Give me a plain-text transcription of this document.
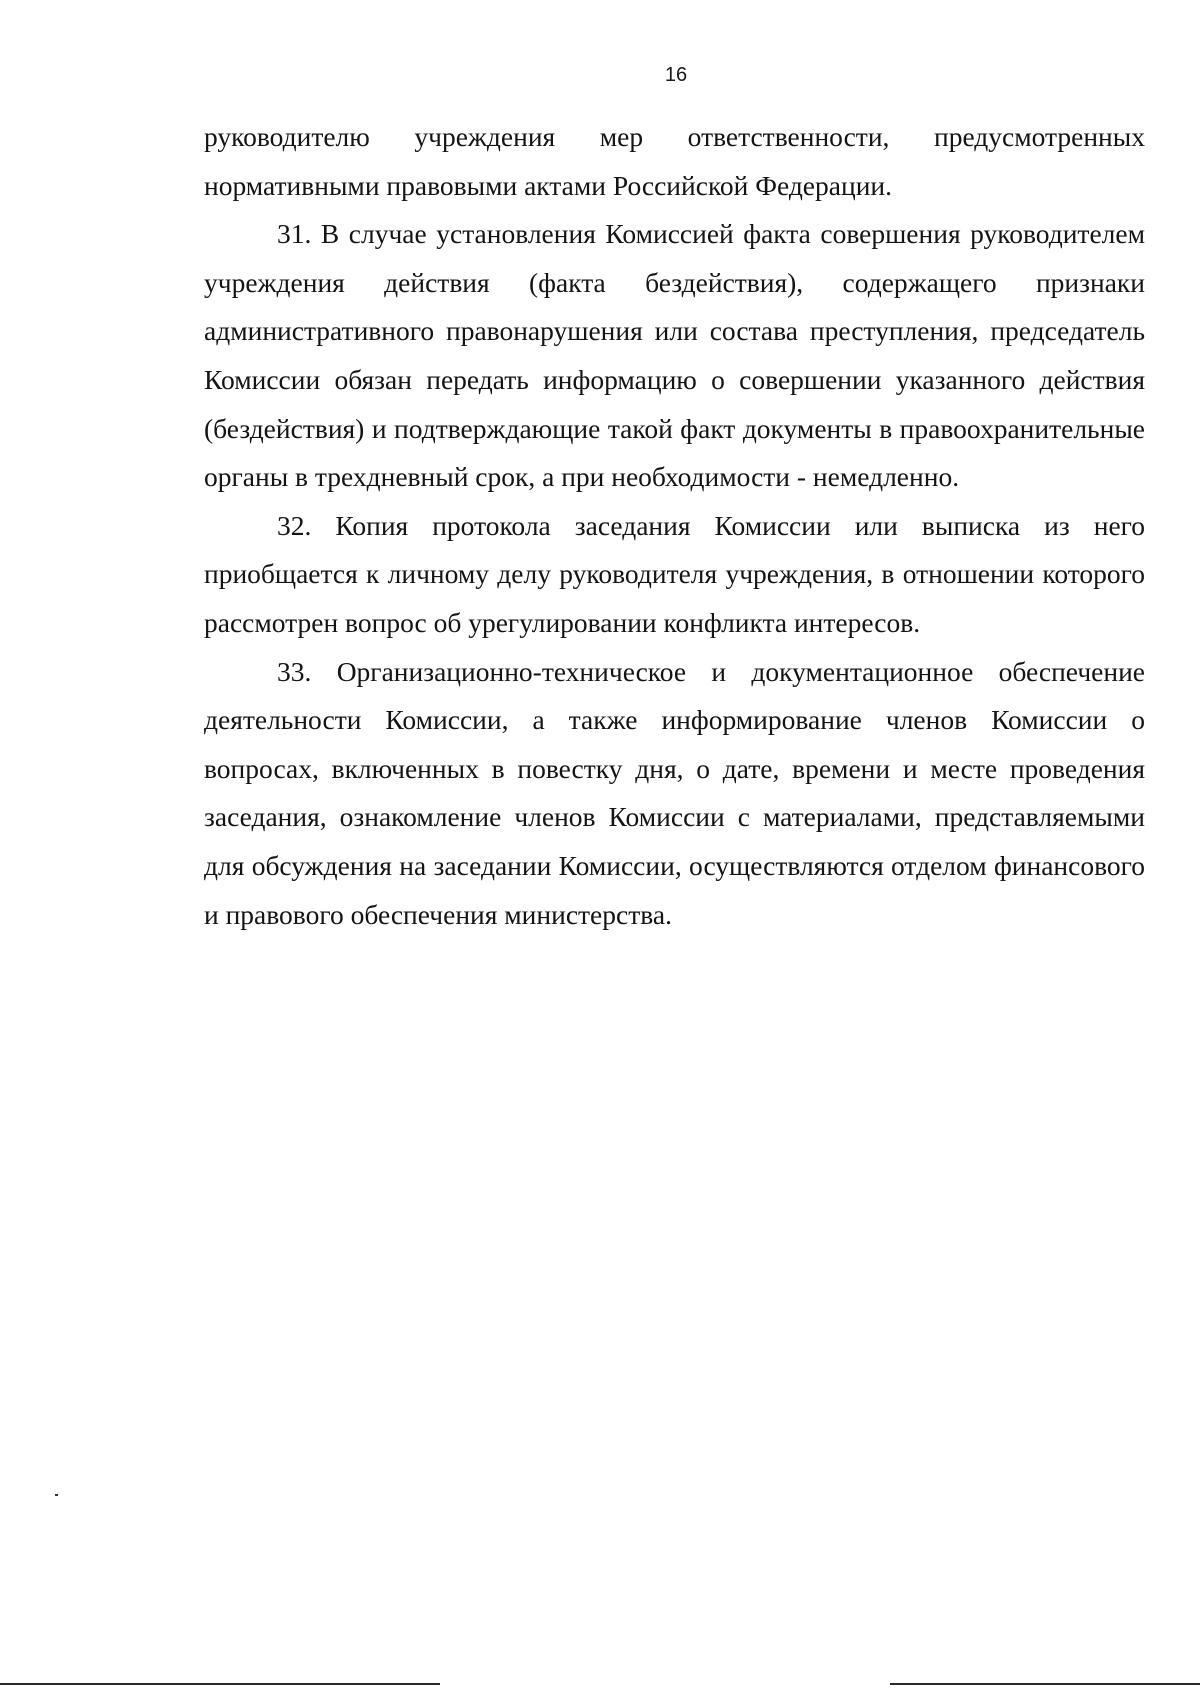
16

руководителю учреждения мер ответственности, предусмотренных нормативными правовыми актами Российской Федерации.

31. В случае установления Комиссией факта совершения руководителем учреждения действия (факта бездействия), содержащего признаки административного правонарушения или состава преступления, председатель Комиссии обязан передать информацию о совершении указанного действия (бездействия) и подтверждающие такой факт документы в правоохранительные органы в трехдневный срок, а при необходимости - немедленно.

32. Копия протокола заседания Комиссии или выписка из него приобщается к личному делу руководителя учреждения, в отношении которого рассмотрен вопрос об урегулировании конфликта интересов.

33. Организационно-техническое и документационное обеспечение деятельности Комиссии, а также информирование членов Комиссии о вопросах, включенных в повестку дня, о дате, времени и месте проведения заседания, ознакомление членов Комиссии с материалами, представляемыми для обсуждения на заседании Комиссии, осуществляются отделом финансового и правового обеспечения министерства.
